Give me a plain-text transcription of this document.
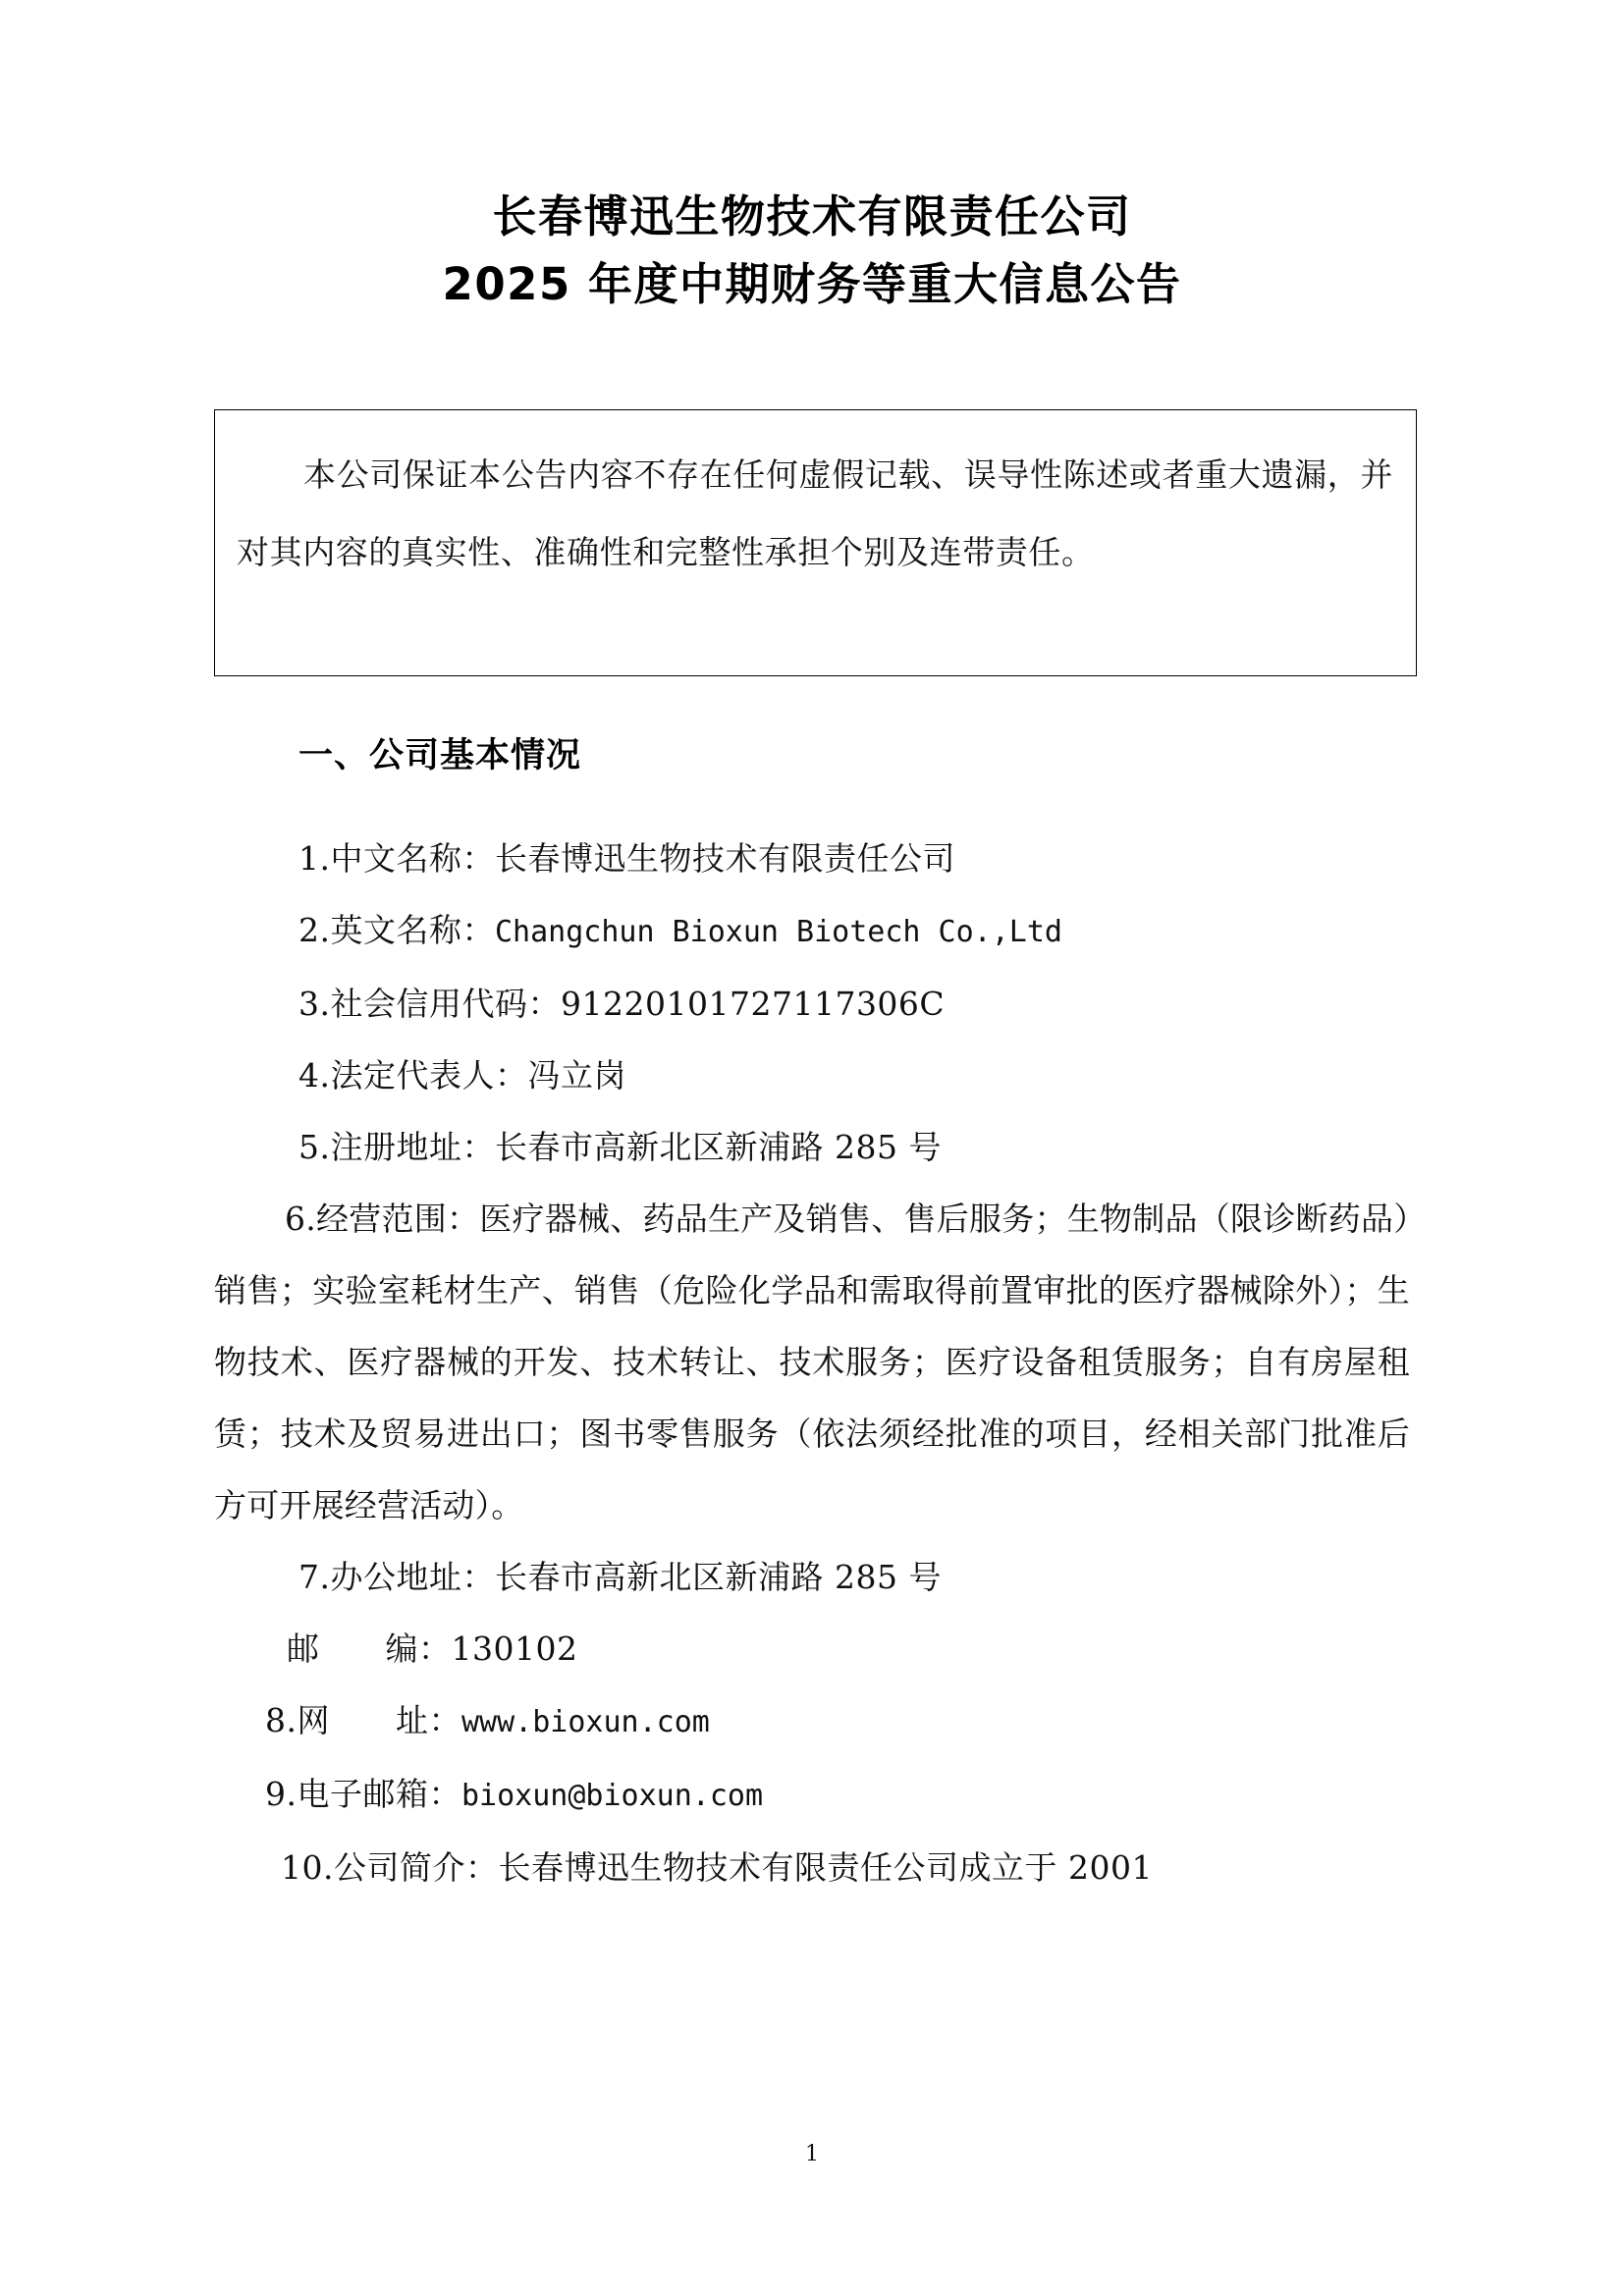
长春博迅生物技术有限责任公司
2025 年度中期财务等重大信息公告
本公司保证本公告内容不存在任何虚假记载、误导性陈述或者重大遗漏，并对其内容的真实性、准确性和完整性承担个别及连带责任。
一、公司基本情况
1.中文名称：长春博迅生物技术有限责任公司
2.英文名称：Changchun Bioxun Biotech Co.,Ltd
3.社会信用代码：91220101727117306C
4.法定代表人：冯立岗
5.注册地址：长春市高新北区新浦路 285 号
6.经营范围：医疗器械、药品生产及销售、售后服务；生物制品（限诊断药品）销售；实验室耗材生产、销售（危险化学品和需取得前置审批的医疗器械除外）；生物技术、医疗器械的开发、技术转让、技术服务；医疗设备租赁服务；自有房屋租赁；技术及贸易进出口；图书零售服务（依法须经批准的项目，经相关部门批准后方可开展经营活动）。
7.办公地址：长春市高新北区新浦路 285 号
邮　　编：130102
8.网　　址：www.bioxun.com
9.电子邮箱：bioxun@bioxun.com
10.公司简介：长春博迅生物技术有限责任公司成立于 2001
1
